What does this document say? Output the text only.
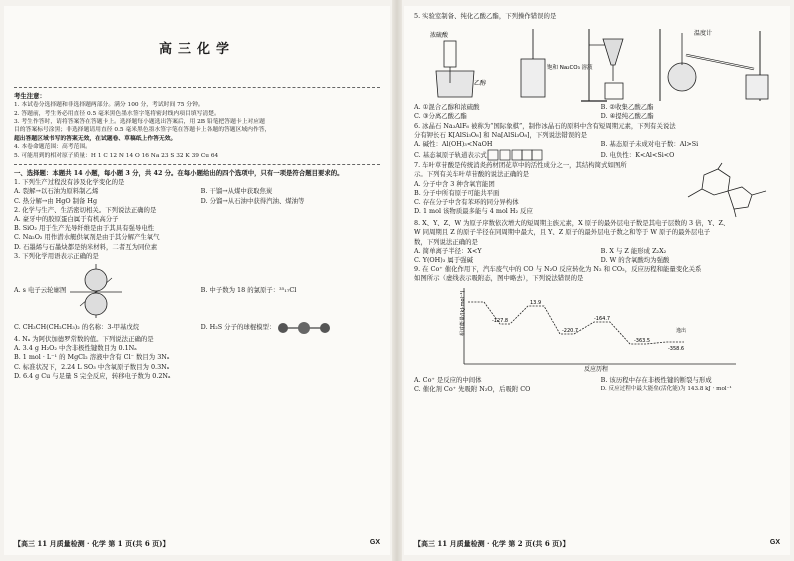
高三化学
考生注意：
1. 本试卷分选择题和非选择题两部分。满分 100 分，考试时间 75 分钟。
2. 答题前，考生务必用直径 0.5 毫米黑色墨水签字笔将密封线内项目填写清楚。
3. 考生作答时，请将答案答在答题卡上。选择题每小题选出答案后，用 2B 铅笔把答题卡上对应题
目的答案标号涂黑；非选择题请用直径 0.5 毫米黑色墨水签字笔在答题卡上各题的答题区域内作答，
超出答题区域书写的答案无效，在试题卷、草稿纸上作答无效。
4. 本卷命题范围：高考范围。
5. 可能用到的相对原子质量：H 1 C 12 N 14 O 16 Na 23 S 32 K 39 Cu 64
一、选择题：本题共 14 小题，每小题 3 分，共 42 分。在每小题给出的四个选项中，只有一项是符合题目要求的。
1. 下列生产过程没有涉及化学变化的是
A. 裂解→以石油为原料制乙烯	B. 干馏→从煤中获取焦炭
C. 热分解→由 HgO 制备 Hg	D. 分馏→从石油中获得汽油、煤油等
2. 化学与生产、生活密切相关。下列说法正确的是
A. 豪牙中的胶原蛋白属于有机高分子
B. SiO₂ 用于生产光导纤维是由于其具有强导电性
C. Na₂O₂ 用作潜水艇供氧剂是由于其分解产生氧气
D. 石墨烯与石墨炔都是纳米材料，二者互为同位素
3. 下列化学用语表示正确的是
A. s 电子云轮廓图	B. 中子数为 18 的氯原子：³⁵₁₇Cl
C. CH₃CH(CH₂CH₃)₂ 的名称：3-甲基戊烷	D. H₂S 分子的球棍模型：
4. Nₐ 为阿伏加德罗常数的值。下列说法正确的是
A. 3.4 g H₂O₂ 中含非极性键数目为 0.1Nₐ
B. 1 mol · L⁻¹ 的 MgCl₂ 溶液中含有 Cl⁻ 数目为 3Nₐ
C. 标准状况下，2.24 L SO₃ 中含氧原子数目为 0.3Nₐ
D. 6.4 g Cu 与足量 S 完全反应，转移电子数为 0.2Nₐ
【高三 11 月质量检测 · 化学 第 1 页(共 6 页)】	GX
5. 实验室制备、纯化乙酸乙酯，下列操作错误的是
浓硫酸
乙醇
饱和 Na₂CO₃ 溶液
温度计
A. ①混合乙醇和浓硫酸	B. ②收集乙酸乙酯
C. ③分离乙酸乙酯	D. ④提纯乙酸乙酯
6. 冰晶石 Na₃AlF₆ 被称为“国际象棋”，制作冰晶石的原料中含有短周期元素，下列有关说法
分有钾长石 K[AlSi₃O₈] 和 Na[AlSi₃O₈]，下列说法错误的是
A. 碱性：Al(OH)₃<NaOH	B. 基态原子未成对电子数：Al>Si
C. 基态氧原子轨道表示式	D. 电负性：K<Al<Si<O
7. 车叶草苷酸是传统消炎药材团花草中的活性成分之一，其结构简式如图所
示。下列有关车叶草苷酸的说法正确的是
A. 分子中含 3 种含氧官能团
B. 分子中所有原子可能共平面
C. 存在分子中含有苯环的同分异构体
D. 1 mol 该物质最多能与 4 mol H₂ 反应
8. X、Y、Z、W 为原子序数依次增大的短周期主族元素，X 原子的最外层电子数是其电子层数的 3 倍，Y、Z、
W 同周期且 Z 的原子半径在同周期中最大，且 Y、Z 原子的最外层电子数之和等于 W 原子的最外层电子
数，下列说法正确的是
A. 简单离子半径：X<Y	B. X 与 Z 能形成 Z₂X₂
C. Y(OH)₃ 属于强碱	D. W 的含氧酸均为强酸
9. 在 Co⁺ 催化作用下，汽车废气中的 CO 与 N₂O 反应转化为 N₂ 和 CO₂，反应历程和能量变化关系
如图所示（虚线表示吸附态，图中略去），下列说法错误的是
相对能量/(kJ·mol⁻¹)
反应历程
-127.8
13.9
-220.7
-164.7
-363.5
-358.6
逸出
A. Co⁺ 是反应的中间体	B. 该历程中存在非极性键的断裂与形成
C. 催化剂 Co⁺ 先吸附 N₂O，后吸附 CO	D. 反应过程中最大能垒(活化能)为 143.8 kJ · mol⁻¹
【高三 11 月质量检测 · 化学 第 2 页(共 6 页)】	GX
